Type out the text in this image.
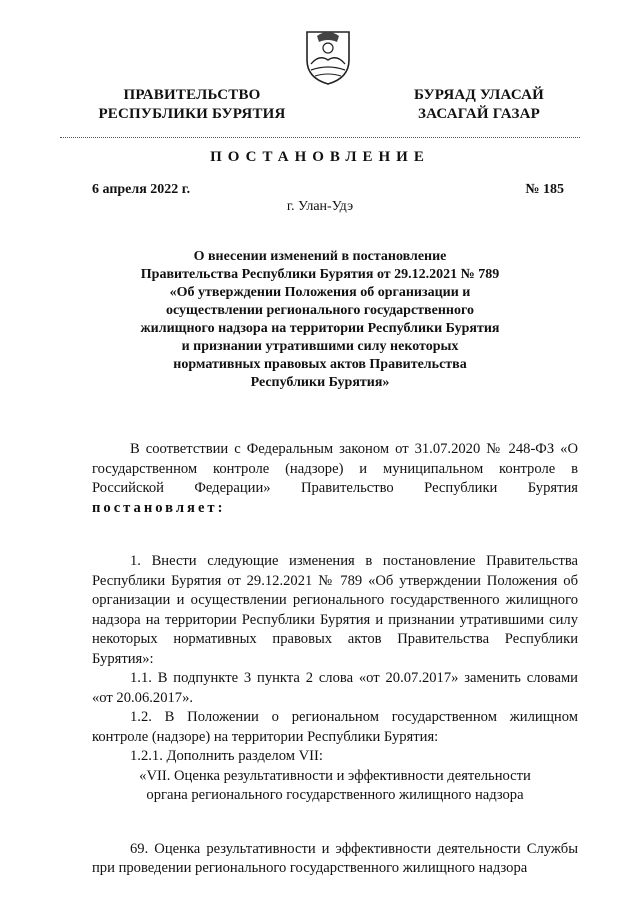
ПРАВИТЕЛЬСТВО
РЕСПУБЛИКИ БУРЯТИЯ
БУРЯАД УЛАСАЙ
ЗАСАГАЙ ГАЗАР
ПОСТАНОВЛЕНИЕ
6 апреля 2022 г.	№ 185
г. Улан-Удэ
О внесении изменений в постановление
Правительства Республики Бурятия от 29.12.2021 № 789
«Об утверждении Положения об организации и
осуществлении регионального государственного
жилищного надзора на территории Республики Бурятия
и признании утратившими силу некоторых
нормативных правовых актов Правительства
Республики Бурятия»

В соответствии с Федеральным законом от 31.07.2020 № 248-ФЗ «О государственном контроле (надзоре) и муниципальном контроле в Российской Федерации» Правительство Республики Бурятия постановляет:

1. Внести следующие изменения в постановление Правительства Республики Бурятия от 29.12.2021 № 789 «Об утверждении Положения об организации и осуществлении регионального государственного жилищного надзора на территории Республики Бурятия и признании утратившими силу некоторых нормативных правовых актов Правительства Республики Бурятия»:

1.1. В подпункте 3 пункта 2 слова «от 20.07.2017» заменить словами «от 20.06.2017».

1.2. В Положении о региональном государственном жилищном контроле (надзоре) на территории Республики Бурятия:

1.2.1. Дополнить разделом VII:

«VII. Оценка результативности и эффективности деятельности

органа регионального государственного жилищного надзора

69. Оценка результативности и эффективности деятельности Службы при проведении регионального государственного жилищного надзора
